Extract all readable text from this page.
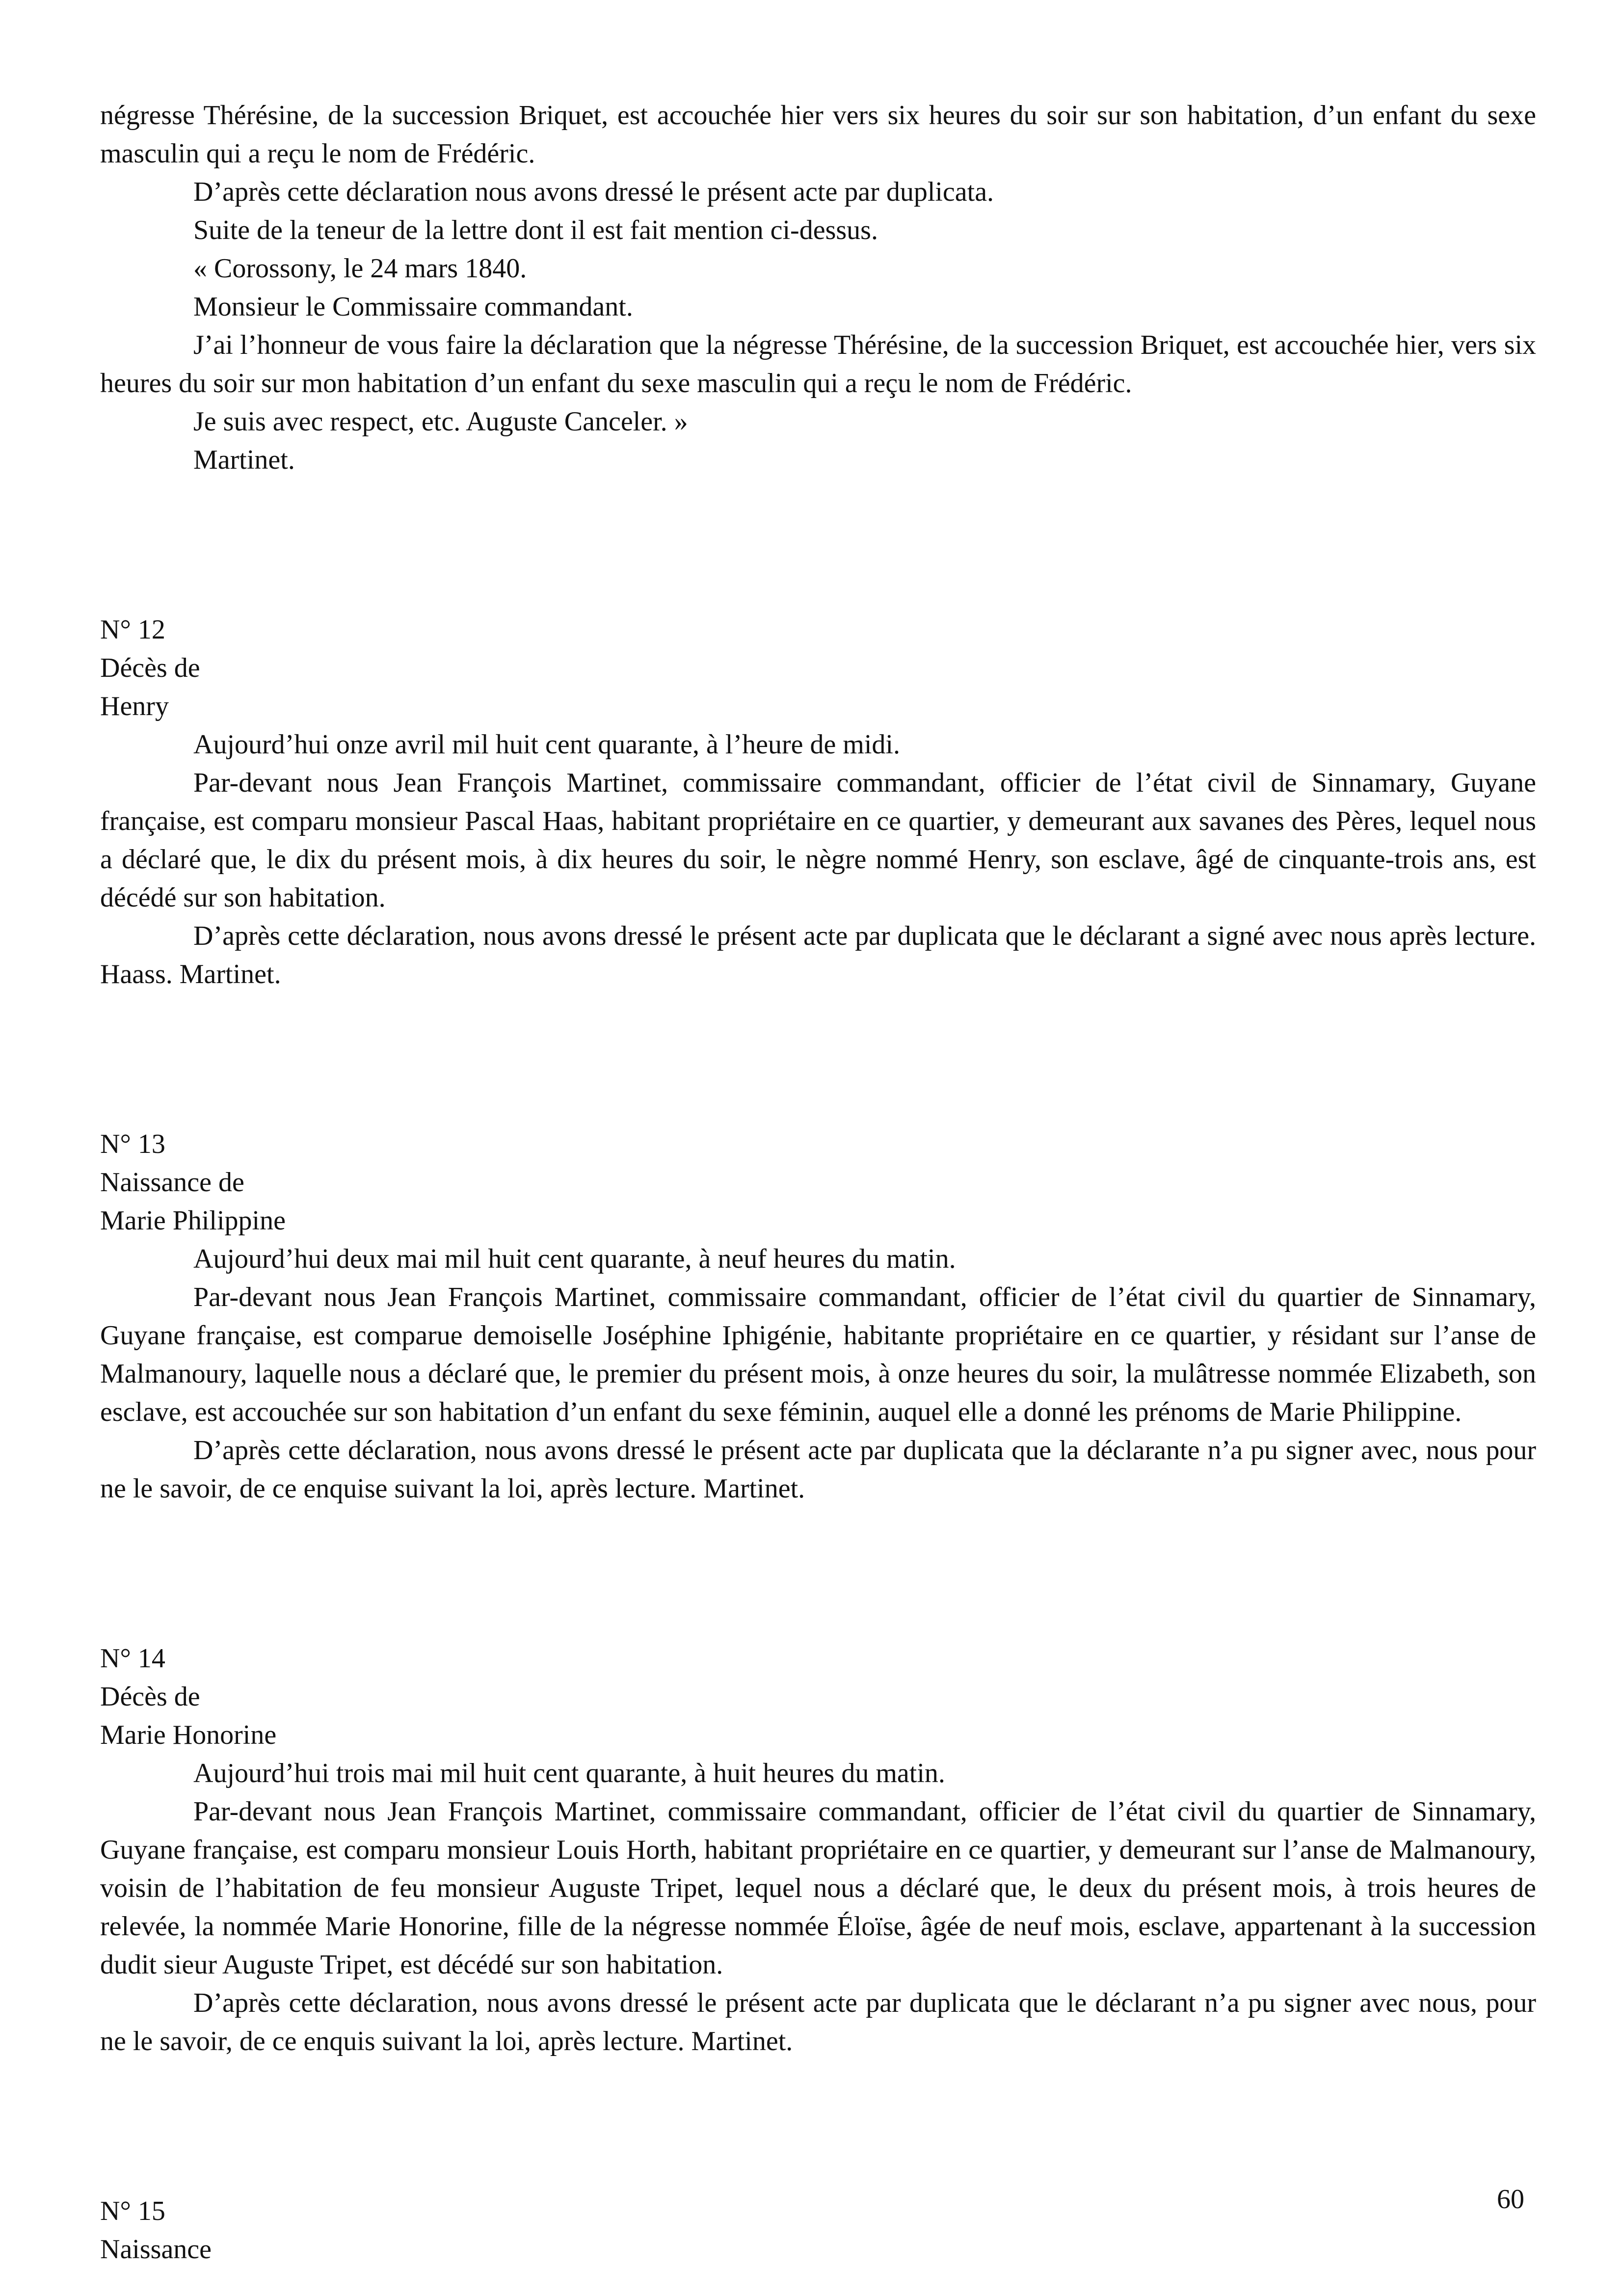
négresse Thérésine, de la succession Briquet, est accouchée hier vers six heures du soir sur son habitation, d’un enfant du sexe masculin qui a reçu le nom de Frédéric.

D’après cette déclaration nous avons dressé le présent acte par duplicata.

Suite de la teneur de la lettre dont il est fait mention ci-dessus.

« Corossony, le 24 mars 1840.

Monsieur le Commissaire commandant.

J’ai l’honneur de vous faire la déclaration que la négresse Thérésine, de la succession Briquet, est accouchée hier, vers six heures du soir sur mon habitation d’un enfant du sexe masculin qui a reçu le nom de Frédéric.

Je suis avec respect, etc. Auguste Canceler. »

Martinet.

N° 12

Décès de

Henry

Aujourd’hui onze avril mil huit cent quarante, à l’heure de midi.

Par-devant nous Jean François Martinet, commissaire commandant, officier de l’état civil de Sinnamary, Guyane française, est comparu monsieur Pascal Haas, habitant propriétaire en ce quartier, y demeurant aux savanes des Pères, lequel nous a déclaré que, le dix du présent mois, à dix heures du soir, le nègre nommé Henry, son esclave, âgé de cinquante-trois ans, est décédé sur son habitation.

D’après cette déclaration, nous avons dressé le présent acte par duplicata que le déclarant a signé avec nous après lecture. Haass. Martinet.

N° 13

Naissance de

Marie Philippine

Aujourd’hui deux mai mil huit cent quarante, à neuf heures du matin.

Par-devant nous Jean François Martinet, commissaire commandant, officier de l’état civil du quartier de Sinnamary, Guyane française, est comparue demoiselle Joséphine Iphigénie, habitante propriétaire en ce quartier, y résidant sur l’anse de Malmanoury, laquelle nous a déclaré que, le premier du présent mois, à onze heures du soir, la mulâtresse nommée Elizabeth, son esclave, est accouchée sur son habitation d’un enfant du sexe féminin, auquel elle a donné les prénoms de Marie Philippine.

D’après cette déclaration, nous avons dressé le présent acte par duplicata que la déclarante n’a pu signer avec, nous pour ne le savoir, de ce enquise suivant la loi, après lecture. Martinet.

N° 14

Décès de

Marie Honorine

Aujourd’hui trois mai mil huit cent quarante, à huit heures du matin.

Par-devant nous Jean François Martinet, commissaire commandant, officier de l’état civil du quartier de Sinnamary, Guyane française, est comparu monsieur Louis Horth, habitant propriétaire en ce quartier, y demeurant sur l’anse de Malmanoury, voisin de l’habitation de feu monsieur Auguste Tripet, lequel nous a déclaré que, le deux du présent mois, à trois heures de relevée, la nommée Marie Honorine, fille de la négresse nommée Éloïse, âgée de neuf mois, esclave, appartenant à la succession dudit sieur Auguste Tripet, est décédé sur son habitation.

D’après cette déclaration, nous avons dressé le présent acte par duplicata que le déclarant n’a pu signer avec nous, pour ne le savoir, de ce enquis suivant la loi, après lecture. Martinet.

N° 15

Naissance

60
